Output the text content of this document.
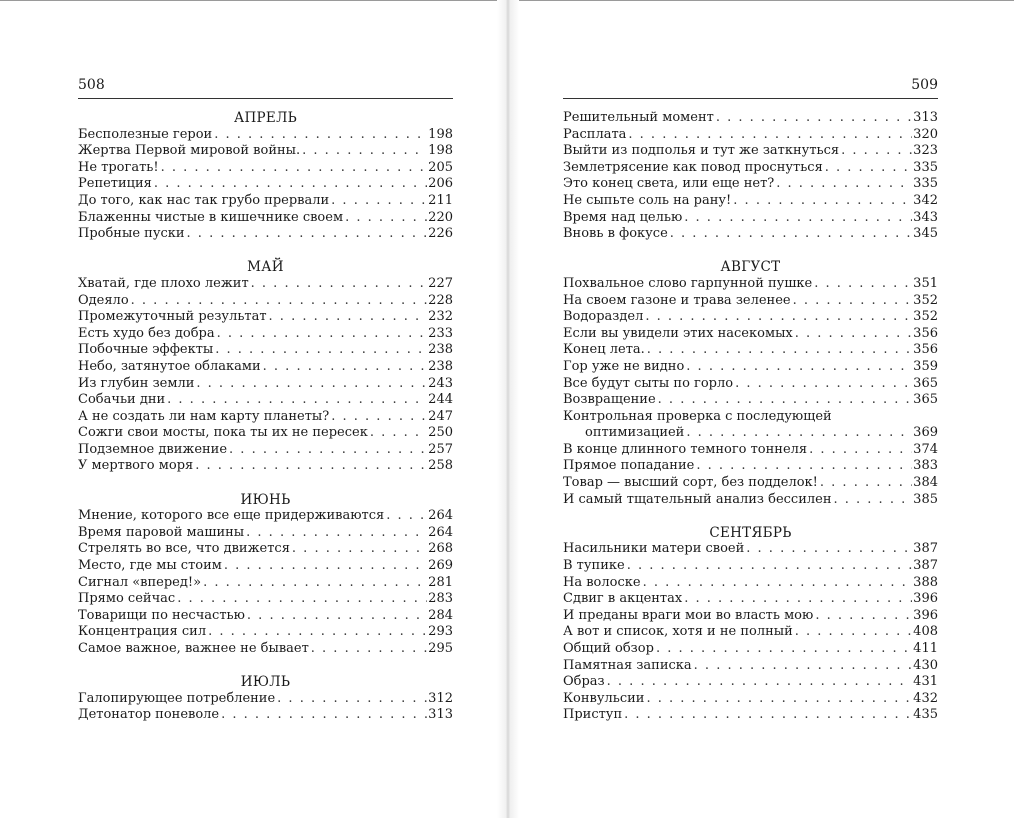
508
АПРЕЛЬ
Бесполезные герои . . .	198
Жертва Первой мировой войны. . . .	198
Не трогать! . . .	205
Репетиция . . .	206
До того, как нас так грубо прервали . . .	211
Блаженны чистые в кишечнике своем . . .	220
Пробные пуски . . .	226
МАЙ
Хватай, где плохо лежит . . .	227
Одеяло . . .	228
Промежуточный результат . . .	232
Есть худо без добра . . .	233
Побочные эффекты . . .	238
Небо, затянутое облаками . . .	238
Из глубин земли . . .	243
Собачьи дни . . .	244
А не создать ли нам карту планеты? . . .	247
Сожги свои мосты, пока ты их не пересек . . .	250
Подземное движение . . .	257
У мертвого моря . . .	258
ИЮНЬ
Мнение, которого все еще придерживаются . . .	264
Время паровой машины . . .	264
Стрелять во все, что движется . . .	268
Место, где мы стоим . . .	269
Сигнал «вперед!» . . .	281
Прямо сейчас . . .	283
Товарищи по несчастью . . .	284
Концентрация сил . . .	293
Самое важное, важнее не бывает . . .	295
ИЮЛЬ
Галопирующее потребление . . .	312
Детонатор поневоле . . .	313
509
Решительный момент . . .	313
Расплата . . .	320
Выйти из подполья и тут же заткнуться . . .	323
Землетрясение как повод проснуться . . .	335
Это конец света, или еще нет? . . .	335
Не сыпьте соль на рану! . . .	342
Время над целью . . .	343
Вновь в фокусе . . .	345
АВГУСТ
Похвальное слово гарпунной пушке . . .	351
На своем газоне и трава зеленее . . .	352
Водораздел . . .	352
Если вы увидели этих насекомых . . .	356
Конец лета. . . .	356
Гор уже не видно . . .	359
Все будут сыты по горло . . .	365
Возвращение . . .	365
Контрольная проверка с последующей
оптимизацией . . .	369
В конце длинного темного тоннеля . . .	374
Прямое попадание . . .	383
Товар — высший сорт, без подделок! . . .	384
И самый тщательный анализ бессилен . . .	385
СЕНТЯБРЬ
Насильники матери своей . . .	387
В тупике . . .	387
На волоске . . .	388
Сдвиг в акцентах . . .	396
И преданы враги мои во власть мою . . .	396
А вот и список, хотя и не полный . . .	408
Общий обзор . . .	411
Памятная записка . . .	430
Образ . . .	431
Конвульсии . . .	432
Приступ . . .	435
